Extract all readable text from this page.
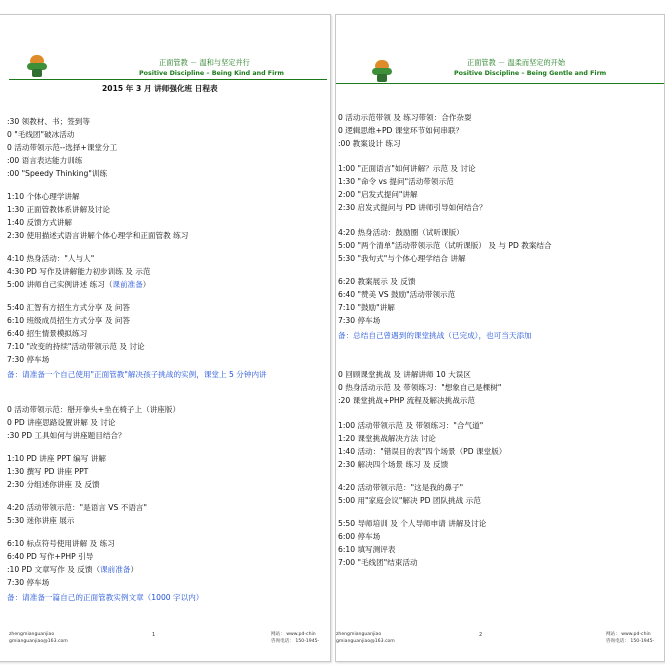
正面管教 － 温和与坚定并行
Positive Discipline – Being Kind and Firm
2015 年 3 月 讲师强化班 日程表
:30 领教材、书；签到等
0 "毛线团"破冰活动
0 活动带领示范--选择+课堂分工
:00 语言表达能力训练
:00 "Speedy Thinking"训练
1:10 个体心理学讲解
1:30 正面管教体系讲解及讨论
1:40 反馈方式讲解
2:30 使用描述式语言讲解个体心理学和正面管教 练习
4:10 热身活动："人与人"
4:30 PD 写作及讲解能力初步训练 及 示范
5:00 讲师自己实例讲述 练习（课前准备）
5:40 汇智有方招生方式分享 及 问答
6:10 班级成员招生方式分享 及 问答
6:40 招生情景模拟练习
7:10 "改变的持续"活动带领示范 及 讨论
7:30 停车场
备：请准备一个自己使用"正面管教"解决孩子挑战的实例，课堂上 5 分钟内讲
0 活动带领示范：掰开拳头+坐在椅子上（讲座版）
0 PD 讲座思路设置讲解 及 讨论
:30 PD 工具如何与讲座题目结合？
1:10 PD 讲座 PPT 编写 讲解
1:30 撰写 PD 讲座 PPT
2:30 分组述你讲座 及 反馈
4:20 活动带领示范："是语言 VS 不语言"
5:30 迷你讲座 展示
6:10 标点符号使用讲解 及 练习
6:40 PD 写作+PHP 引导
:10 PD 文章写作 及 反馈（课前准备）
7:30 停车场
备：请准备一篇自己的正面管教实例文章（1000 字以内）
zhengmianguanjiao
gmianguanjiao@163.com
1	网站： www.pd-chin
咨询电话： 150-1945-
正面管教 － 温柔而坚定的开始
Positive Discipline – Being Gentle and Firm
0 活动示范带领 及 练习带领：合作杂耍
0 逻辑思维+PD 课堂环节如何串联？
:00 教案设计 练习
1:00 "正面语言"如何讲解？示范 及 讨论
1:30 "命令 vs 提问"活动带领示范
2:00 "启发式提问"讲解
2:30 启发式提问与 PD 讲师引导如何结合？
4:20 热身活动：鼓励圈（试听课版）
5:00 "两个清单"活动带领示范（试听课版） 及 与 PD 教案结合
5:30 "我句式"与个体心理学结合 讲解
6:20 教案展示 及 反馈
6:40 "赞美 VS 鼓励"活动带领示范
7:10 "鼓励"讲解
7:30 停车场
备：总结自己曾遇到的课堂挑战（已完成），也可当天添加
0 回顾课堂挑战 及 讲解讲师 10 大误区
0 热身活动示范 及 带领练习："想象自己是棵树"
:20 课堂挑战+PHP 流程及解决挑战示范
1:00 活动带领示范 及 带领练习："合气道"
1:20 课堂挑战解决方法 讨论
1:40 活动："错误目的表"四个场景（PD 课堂版）
2:30 解决四个场景 练习 及 反馈
4:20 活动带领示范："这是我的鼻子"
5:00 用"家庭会议"解决 PD 团队挑战 示范
5:50 导师培训 及 个人导师申请 讲解及讨论
6:00 停车场
6:10 填写测评表
7:00 "毛线团"结束活动
zhengmianguanjiao
gmianguanjiao@163.com
2	网站： www.pd-chin
咨询电话： 150-1945-
